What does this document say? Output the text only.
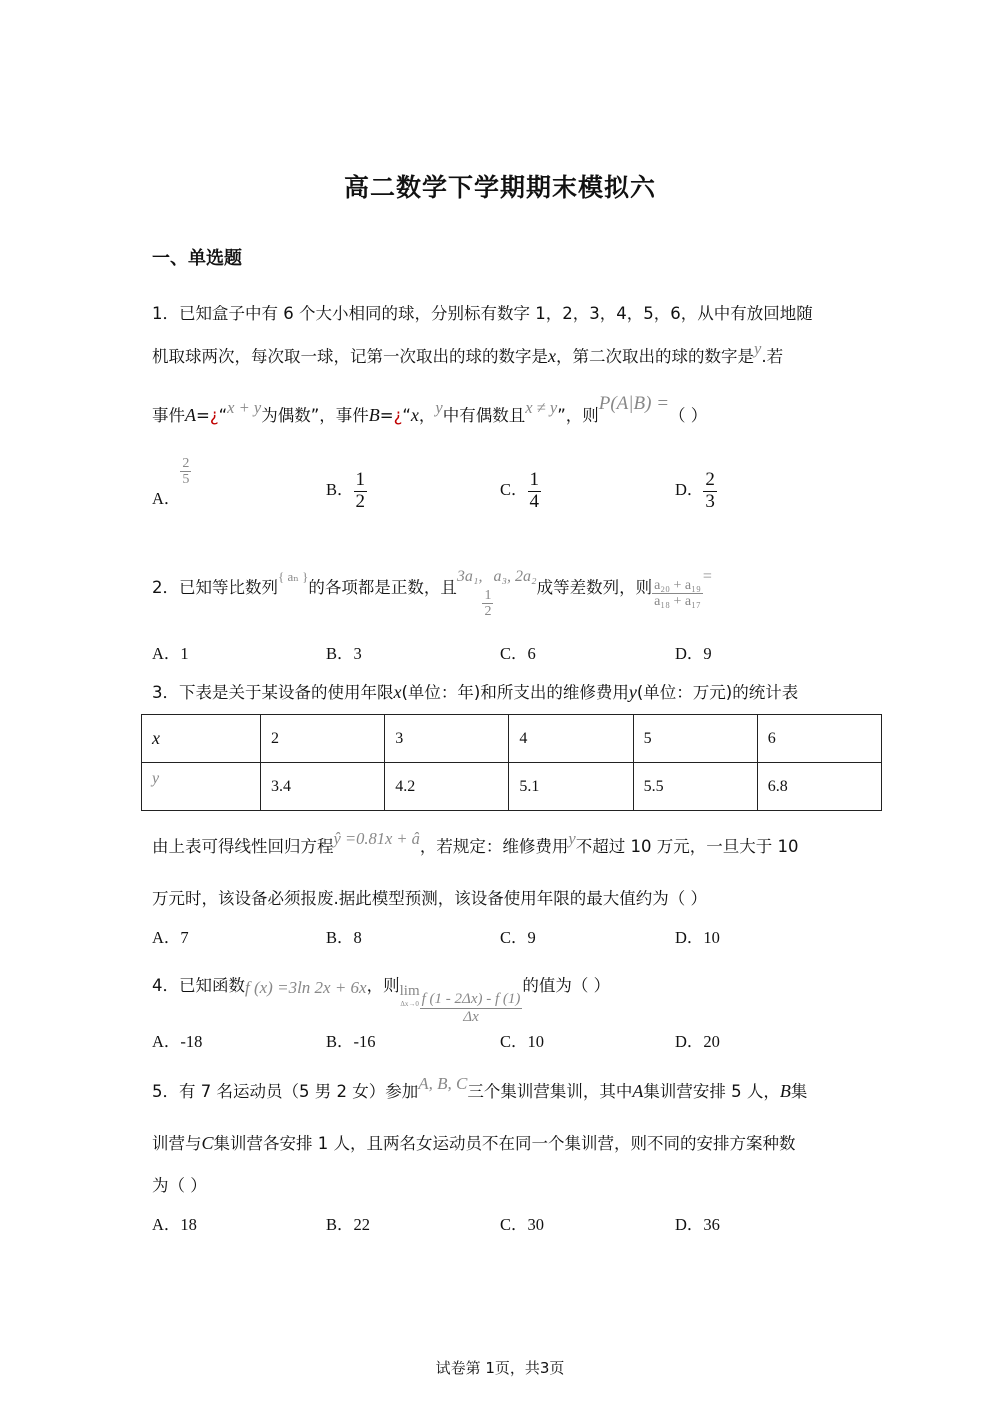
高二数学下学期期末模拟六
一、单选题
1．已知盒子中有 6 个大小相同的球，分别标有数字 1，2，3，4，5，6，从中有放回地随
机取球两次，每次取一球，记第一次取出的球的数字是x，第二次取出的球的数字是y.若
事件A=¿“x + y为偶数”，事件B=¿“x，y中有偶数且x ≠ y”，则P(A|B) =（ ）
A．
$\frac{2}{5}$
B． $\frac{1}{2}$	C． $\frac{1}{4}$	D． $\frac{2}{3}$
2．已知等比数列{ aₙ }的各项都是正数，且3a₁,
$\frac{1}{2}$
a₃, 2a₂成等差数列，则 $\frac{\text{a₂₀ + a₁₉}}{\text{a₁₈ + a₁₇}}$
=
A．1	B．3	C．6	D．9
3．下表是关于某设备的使用年限x(单位：年)和所支出的维修费用y(单位：万元)的统计表
x	2	3	4	5	6
y	3.4	4.2	5.1	5.5	6.8
由上表可得线性回归方程ŷ =0.81x + â，若规定：维修费用y不超过 10 万元，一旦大于 10
万元时，该设备必须报废.据此模型预测，该设备使用年限的最大值约为（ ）
A．7	B．8	C．9	D．10
4．已知函数f (x) =3ln 2x + 6x，则 lim
$\Delta x\to 0 \frac{f (1 - 2\Delta x) - f (1)}{\Delta x}$
的值为（ ）
A．-18	B．-16	C．10	D．20
5．有 7 名运动员（5 男 2 女）参加A, B, C三个集训营集训，其中A集训营安排 5 人，B集
训营与C集训营各安排 1 人，且两名女运动员不在同一个集训营，则不同的安排方案种数
为（ ）
A．18	B．22	C．30	D．36
试卷第 1页，共3页
